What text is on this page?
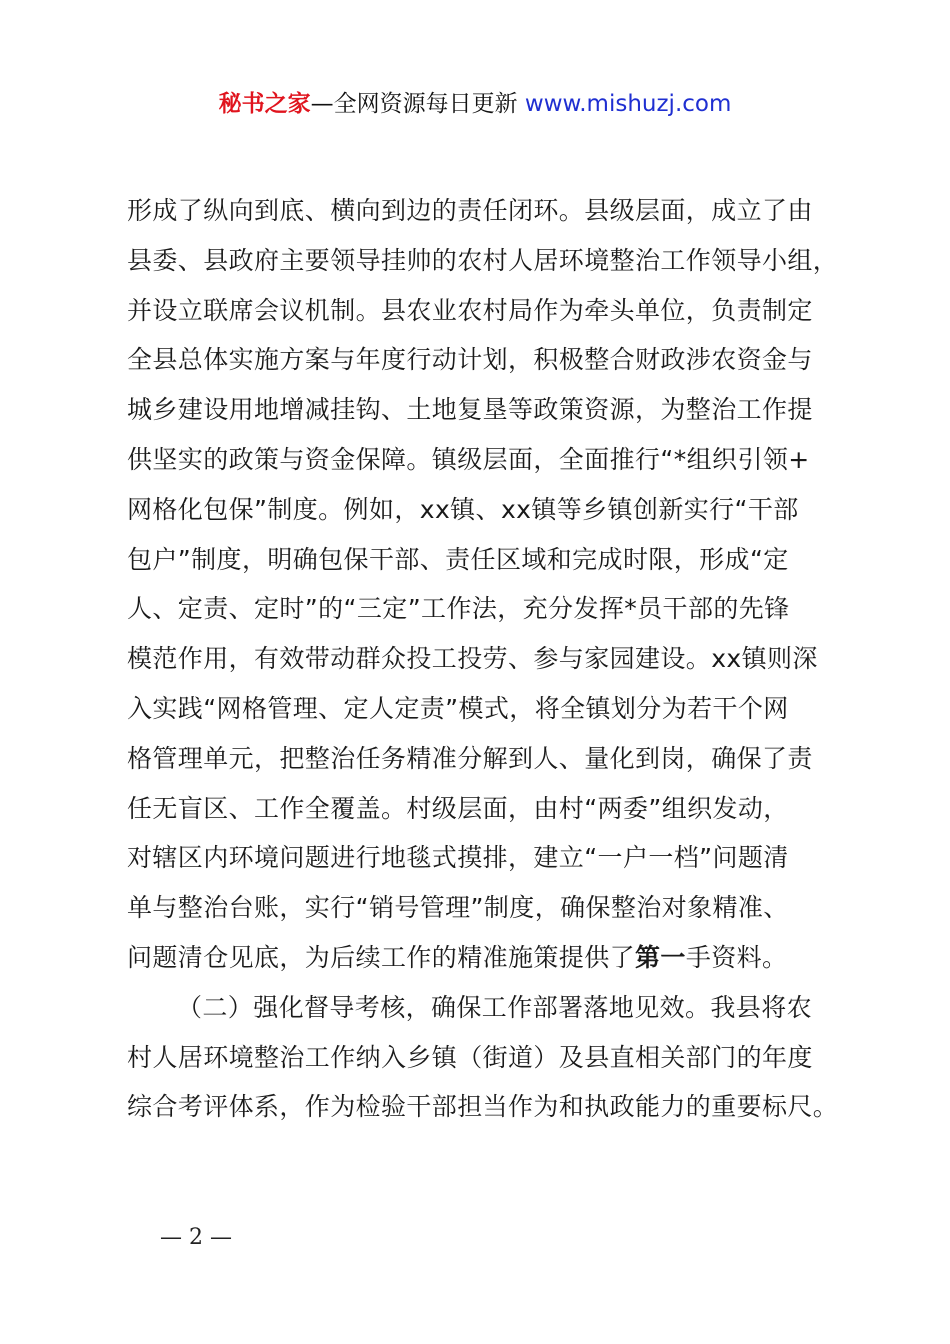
秘书之家—全网资源每日更新 www.mishuzj.com

形成了纵向到底、横向到边的责任闭环。县级层面，成立了由
县委、县政府主要领导挂帅的农村人居环境整治工作领导小组，
并设立联席会议机制。县农业农村局作为牵头单位，负责制定
全县总体实施方案与年度行动计划，积极整合财政涉农资金与
城乡建设用地增减挂钩、土地复垦等政策资源，为整治工作提
供坚实的政策与资金保障。镇级层面，全面推行“*组织引领+
网格化包保”制度。例如，xx镇、xx镇等乡镇创新实行“干部
包户”制度，明确包保干部、责任区域和完成时限，形成“定
人、定责、定时”的“三定”工作法，充分发挥*员干部的先锋
模范作用，有效带动群众投工投劳、参与家园建设。xx镇则深
入实践“网格管理、定人定责”模式，将全镇划分为若干个网
格管理单元，把整治任务精准分解到人、量化到岗，确保了责
任无盲区、工作全覆盖。村级层面，由村“两委”组织发动，
对辖区内环境问题进行地毯式摸排，建立“一户一档”问题清
单与整治台账，实行“销号管理”制度，确保整治对象精准、
问题清仓见底，为后续工作的精准施策提供了第一手资料。

（二）强化督导考核，确保工作部署落地见效。我县将农
村人居环境整治工作纳入乡镇（街道）及县直相关部门的年度
综合考评体系，作为检验干部担当作为和执政能力的重要标尺。

— 2 —
